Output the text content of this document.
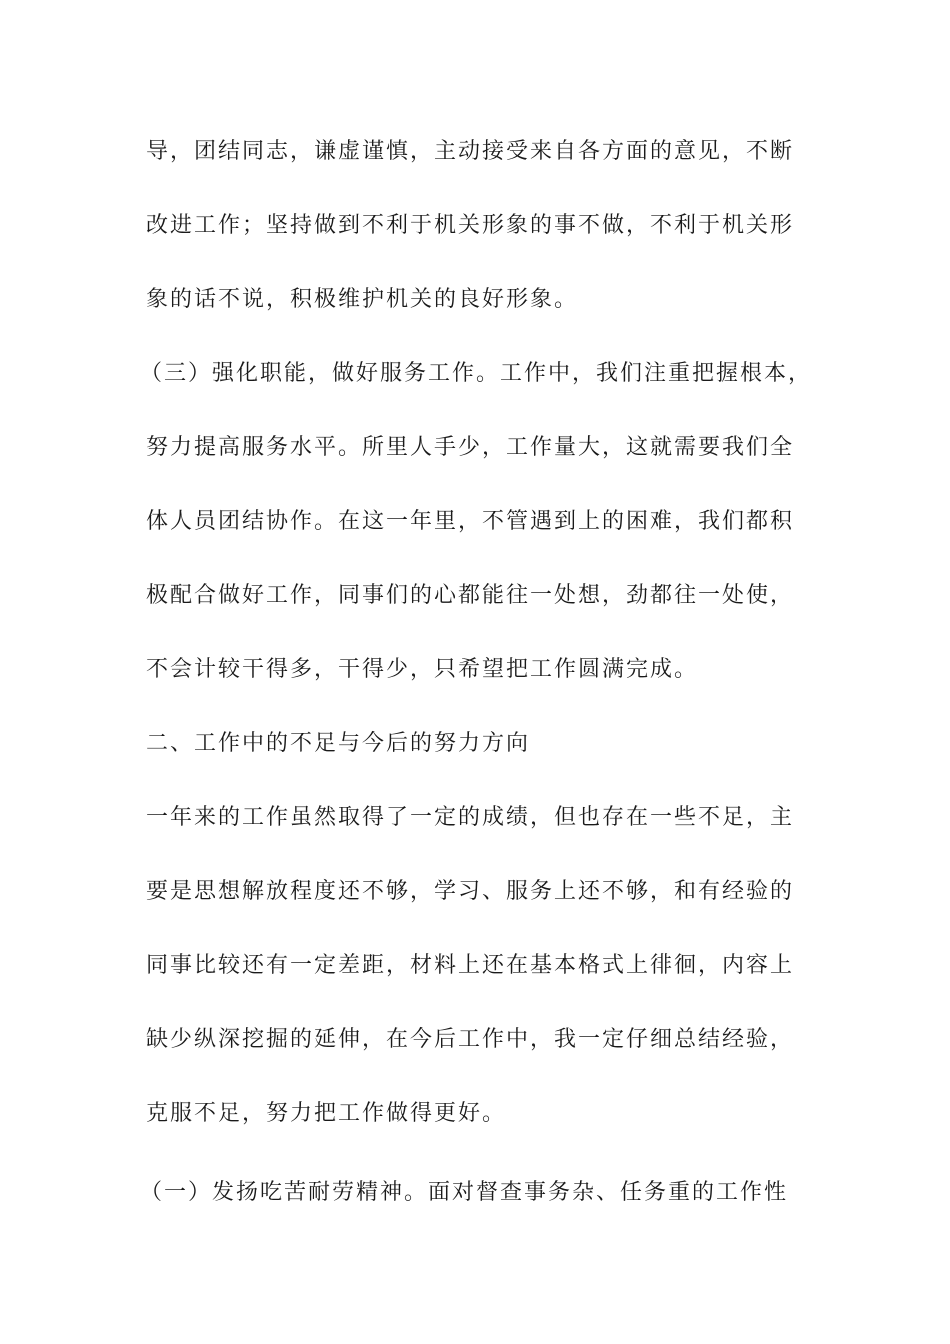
导，团结同志，谦虚谨慎，主动接受来自各方面的意见，不断
改进工作；坚持做到不利于机关形象的事不做，不利于机关形
象的话不说，积极维护机关的良好形象。
（三）强化职能，做好服务工作。工作中，我们注重把握根本，
努力提高服务水平。所里人手少，工作量大，这就需要我们全
体人员团结协作。在这一年里，不管遇到上的困难，我们都积
极配合做好工作，同事们的心都能往一处想，劲都往一处使，
不会计较干得多，干得少，只希望把工作圆满完成。
二、工作中的不足与今后的努力方向
一年来的工作虽然取得了一定的成绩，但也存在一些不足，主
要是思想解放程度还不够，学习、服务上还不够，和有经验的
同事比较还有一定差距，材料上还在基本格式上徘徊，内容上
缺少纵深挖掘的延伸，在今后工作中，我一定仔细总结经验，
克服不足，努力把工作做得更好。
（一）发扬吃苦耐劳精神。面对督查事务杂、任务重的工作性
